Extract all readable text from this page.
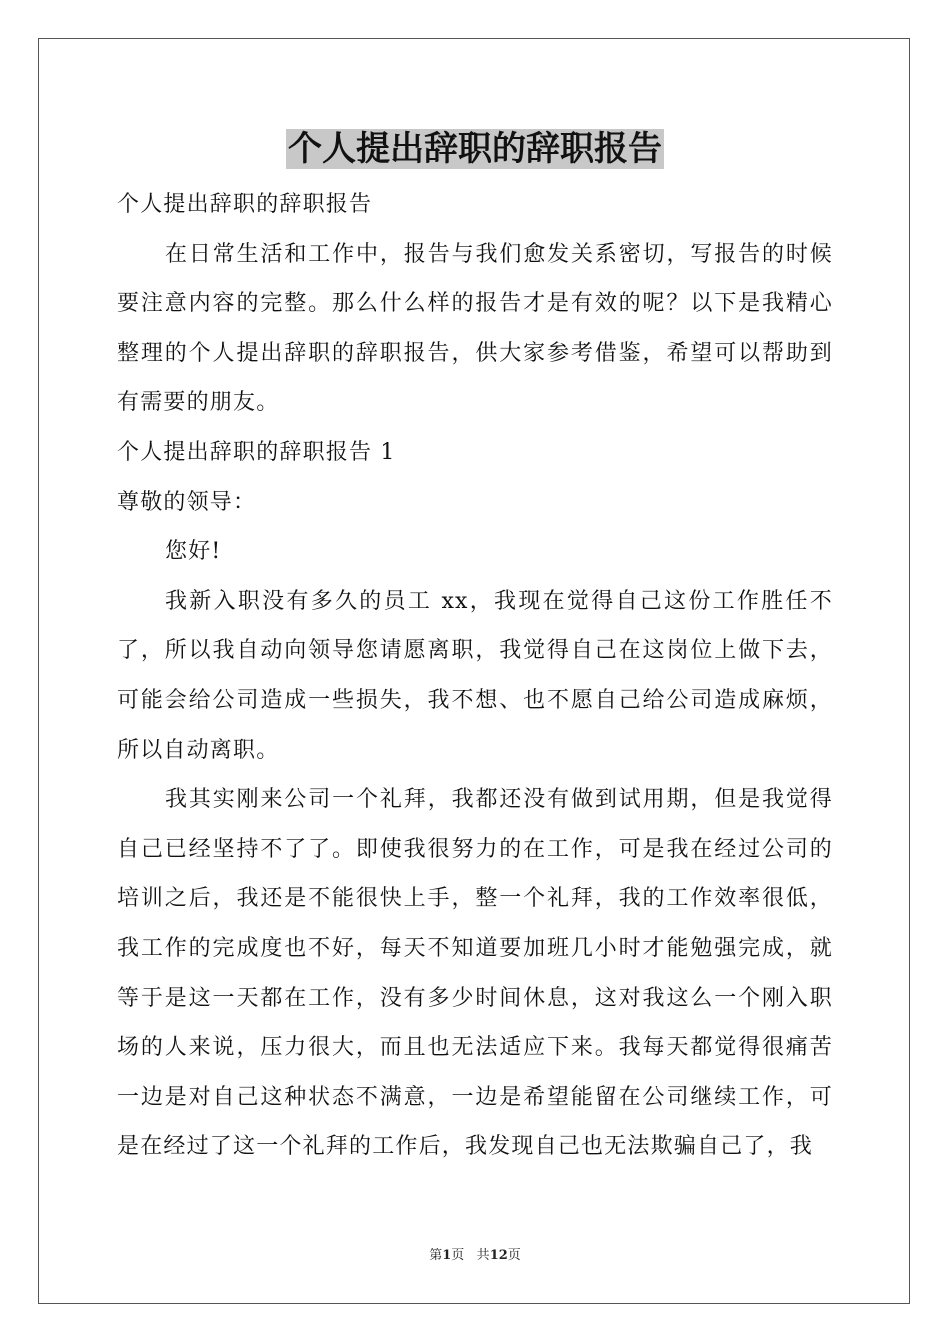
个人提出辞职的辞职报告

个人提出辞职的辞职报告

在日常生活和工作中，报告与我们愈发关系密切，写报告的时候要注意内容的完整。那么什么样的报告才是有效的呢？以下是我精心整理的个人提出辞职的辞职报告，供大家参考借鉴，希望可以帮助到有需要的朋友。

个人提出辞职的辞职报告 1

尊敬的领导：

您好!

我新入职没有多久的员工 xx，我现在觉得自己这份工作胜任不了，所以我自动向领导您请愿离职，我觉得自己在这岗位上做下去，可能会给公司造成一些损失，我不想、也不愿自己给公司造成麻烦，所以自动离职。

我其实刚来公司一个礼拜，我都还没有做到试用期，但是我觉得自己已经坚持不了了。即使我很努力的在工作，可是我在经过公司的培训之后，我还是不能很快上手，整一个礼拜，我的工作效率很低，我工作的完成度也不好，每天不知道要加班几小时才能勉强完成，就等于是这一天都在工作，没有多少时间休息，这对我这么一个刚入职场的人来说，压力很大，而且也无法适应下来。我每天都觉得很痛苦一边是对自己这种状态不满意，一边是希望能留在公司继续工作，可是在经过了这一个礼拜的工作后，我发现自己也无法欺骗自己了，我

第1页 共12页
